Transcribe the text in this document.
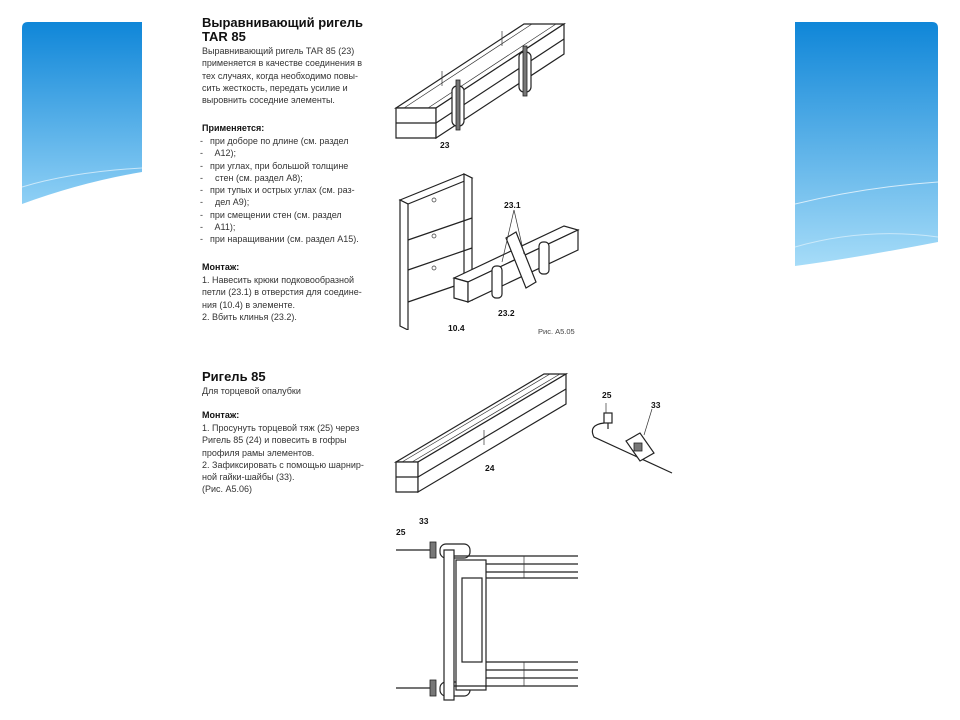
Выравнивающий ригель
TAR 85
Выравнивающий ригель TAR 85 (23)
применяется в качестве соединения в
тех случаях, когда необходимо повы-
сить жесткость, передать усилие и
выровнить соседние элементы.
Применяется:
- при доборе по длине (см. раздел
-   A12);
- при углах, при большой толщине
-   стен (см. раздел A8);
- при тупых и острых углах (см. раз-
-   дел A9);
- при смещении стен (см. раздел
-   A11);
- при наращивании (см. раздел A15).
Монтаж:
1. Навесить крюки подковообразной
петли (23.1) в отверстия для соедине-
ния (10.4) в элементе.
2. Вбить клинья (23.2).
23
23.1
10.4
23.2
Рис. A5.05
Ригель 85
Для торцевой опалубки
Монтаж:
1. Просунуть торцевой тяж (25) через
Ригель 85 (24) и повесить в гофры
профиля рамы элементов.
2. Зафиксировать с помощью шарнир-
ной гайки-шайбы (33).
(Рис. A5.06)
24
25
33
25
33
